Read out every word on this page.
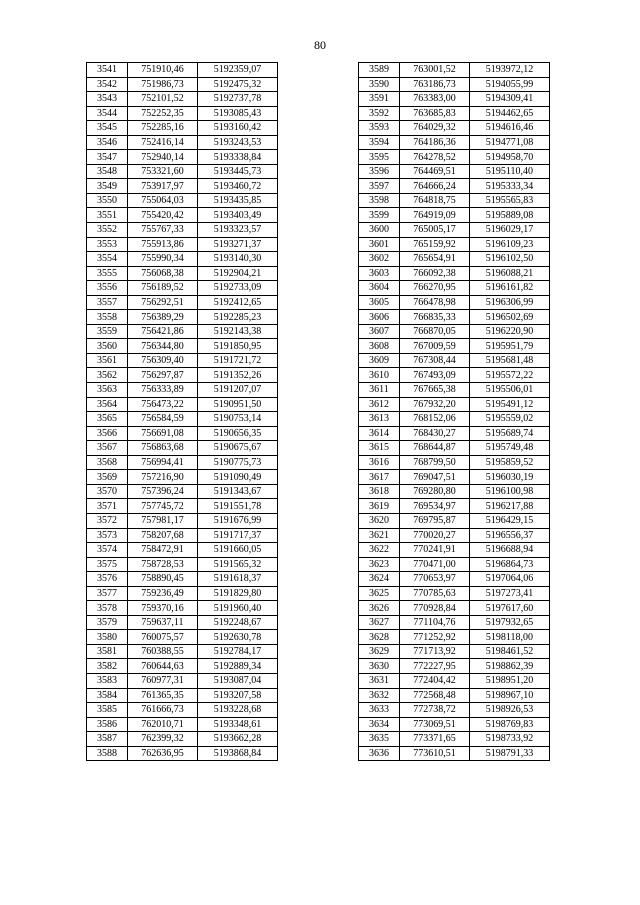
80
3541	751910,46	5192359,07
3542	751986,73	5192475,32
3543	752101,52	5192737,78
3544	752252,35	5193085,43
3545	752285,16	5193160,42
3546	752416,14	5193243,53
3547	752940,14	5193338,84
3548	753321,60	5193445,73
3549	753917,97	5193460,72
3550	755064,03	5193435,85
3551	755420,42	5193403,49
3552	755767,33	5193323,57
3553	755913,86	5193271,37
3554	755990,34	5193140,30
3555	756068,38	5192904,21
3556	756189,52	5192733,09
3557	756292,51	5192412,65
3558	756389,29	5192285,23
3559	756421,86	5192143,38
3560	756344,80	5191850,95
3561	756309,40	5191721,72
3562	756297,87	5191352,26
3563	756333,89	5191207,07
3564	756473,22	5190951,50
3565	756584,59	5190753,14
3566	756691,08	5190656,35
3567	756863,68	5190675,67
3568	756994,41	5190775,73
3569	757216,90	5191090,49
3570	757396,24	5191343,67
3571	757745,72	5191551,78
3572	757981,17	5191676,99
3573	758207,68	5191717,37
3574	758472,91	5191660,05
3575	758728,53	5191565,32
3576	758890,45	5191618,37
3577	759236,49	5191829,80
3578	759370,16	5191960,40
3579	759637,11	5192248,67
3580	760075,57	5192630,78
3581	760388,55	5192784,17
3582	760644,63	5192889,34
3583	760977,31	5193087,04
3584	761365,35	5193207,58
3585	761666,73	5193228,68
3586	762010,71	5193348,61
3587	762399,32	5193662,28
3588	762636,95	5193868,84
3589	763001,52	5193972,12
3590	763186,73	5194055,99
3591	763383,00	5194309,41
3592	763685,83	5194462,65
3593	764029,32	5194616,46
3594	764186,36	5194771,08
3595	764278,52	5194958,70
3596	764469,51	5195110,40
3597	764666,24	5195333,34
3598	764818,75	5195565,83
3599	764919,09	5195889,08
3600	765005,17	5196029,17
3601	765159,92	5196109,23
3602	765654,91	5196102,50
3603	766092,38	5196088,21
3604	766270,95	5196161,82
3605	766478,98	5196306,99
3606	766835,33	5196502,69
3607	766870,05	5196220,90
3608	767009,59	5195951,79
3609	767308,44	5195681,48
3610	767493,09	5195572,22
3611	767665,38	5195506,01
3612	767932,20	5195491,12
3613	768152,06	5195559,02
3614	768430,27	5195689,74
3615	768644,87	5195749,48
3616	768799,50	5195859,52
3617	769047,51	5196030,19
3618	769280,80	5196100,98
3619	769534,97	5196217,88
3620	769795,87	5196429,15
3621	770020,27	5196556,37
3622	770241,91	5196688,94
3623	770471,00	5196864,73
3624	770653,97	5197064,06
3625	770785,63	5197273,41
3626	770928,84	5197617,60
3627	771104,76	5197932,65
3628	771252,92	5198118,00
3629	771713,92	5198461,52
3630	772227,95	5198862,39
3631	772404,42	5198951,20
3632	772568,48	5198967,10
3633	772738,72	5198926,53
3634	773069,51	5198769,83
3635	773371,65	5198733,92
3636	773610,51	5198791,33
